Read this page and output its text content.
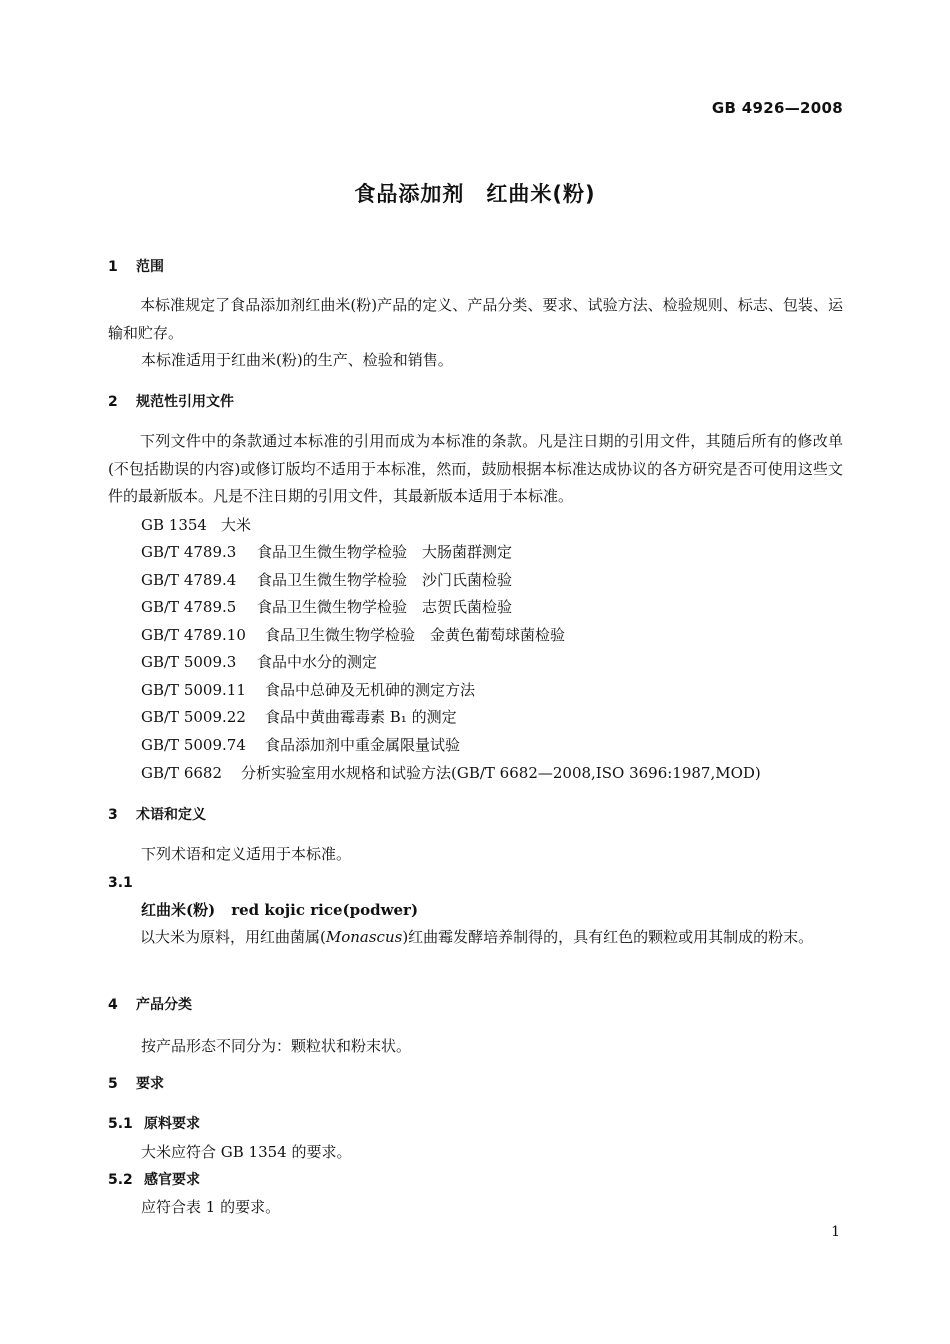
GB 4926—2008
食品添加剂　红曲米(粉)
1 范围
本标准规定了食品添加剂红曲米(粉)产品的定义、产品分类、要求、试验方法、检验规则、标志、包装、运输和贮存。
本标准适用于红曲米(粉)的生产、检验和销售。
2 规范性引用文件
下列文件中的条款通过本标准的引用而成为本标准的条款。凡是注日期的引用文件，其随后所有的修改单(不包括勘误的内容)或修订版均不适用于本标准，然而，鼓励根据本标准达成协议的各方研究是否可使用这些文件的最新版本。凡是不注日期的引用文件，其最新版本适用于本标准。
GB 1354 大米
GB/T 4789.3 食品卫生微生物学检验　大肠菌群测定
GB/T 4789.4 食品卫生微生物学检验　沙门氏菌检验
GB/T 4789.5 食品卫生微生物学检验　志贺氏菌检验
GB/T 4789.10 食品卫生微生物学检验　金黄色葡萄球菌检验
GB/T 5009.3 食品中水分的测定
GB/T 5009.11 食品中总砷及无机砷的测定方法
GB/T 5009.22 食品中黄曲霉毒素 B₁ 的测定
GB/T 5009.74 食品添加剂中重金属限量试验
GB/T 6682 分析实验室用水规格和试验方法(GB/T 6682—2008,ISO 3696:1987,MOD)
3 术语和定义
下列术语和定义适用于本标准。
3.1
红曲米(粉) red kojic rice(podwer)
以大米为原料，用红曲菌属(Monascus)红曲霉发酵培养制得的，具有红色的颗粒或用其制成的粉末。
4 产品分类
按产品形态不同分为：颗粒状和粉末状。
5 要求
5.1 原料要求
大米应符合 GB 1354 的要求。
5.2 感官要求
应符合表 1 的要求。
1
